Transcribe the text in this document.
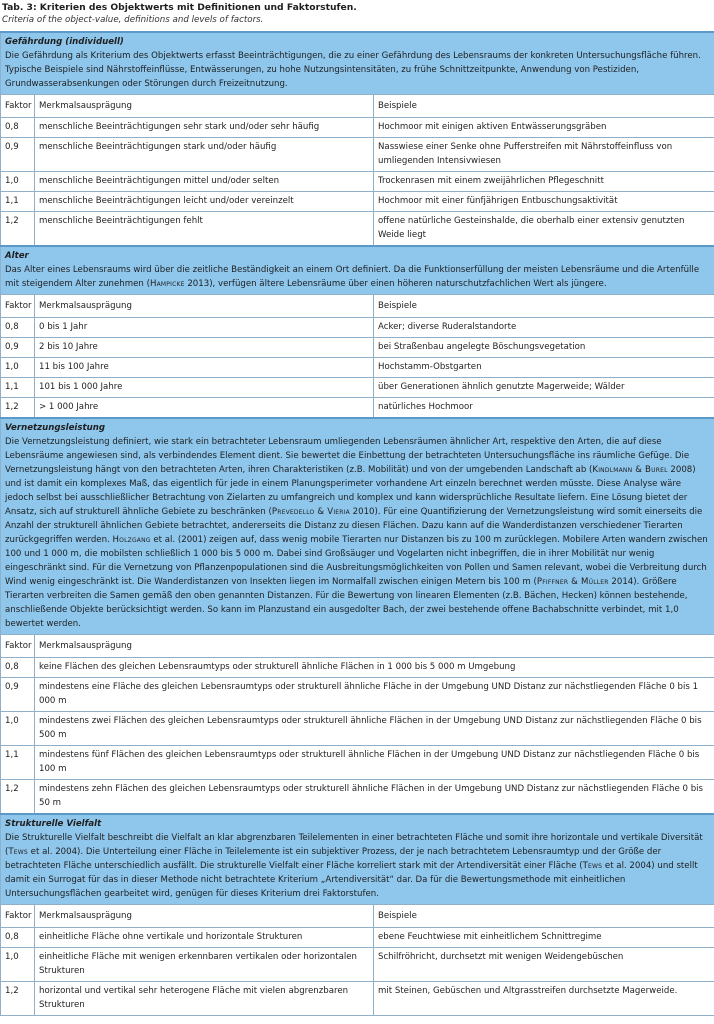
Tab. 3: Kriterien des Objektwerts mit Definitionen und Faktorstufen.
Criteria of the object-value, definitions and levels of factors.
Gefährdung (individuell)
Die Gefährdung als Kriterium des Objektwerts erfasst Beeinträchtigungen, die zu einer Gefährdung des Lebensraums der konkreten Untersuchungsfläche führen. Typische Beispiele sind Nährstoffeinflüsse, Entwässerungen, zu hohe Nutzungsintensitäten, zu frühe Schnittzeitpunkte, Anwendung von Pestiziden, Grundwasserabsenkungen oder Störungen durch Freizeitnutzung.		

Faktor	Merkmalsausprägung	Beispiele
0,8	menschliche Beeinträchtigungen sehr stark und/oder sehr häufig	Hochmoor mit einigen aktiven Entwässerungsgräben
0,9	menschliche Beeinträchtigungen stark und/oder häufig	Nasswiese einer Senke ohne Pufferstreifen mit Nährstoffeinfluss von umliegenden Intensivwiesen
1,0	menschliche Beeinträchtigungen mittel und/oder selten	Trockenrasen mit einem zweijährlichen Pflegeschnitt
1,1	menschliche Beeinträchtigungen leicht und/oder vereinzelt	Hochmoor mit einer fünfjährigen Entbuschungsaktivität
1,2	menschliche Beeinträchtigungen fehlt	offene natürliche Gesteinshalde, die oberhalb einer extensiv genutzten Weide liegt

Alter
Das Alter eines Lebensraums wird über die zeitliche Beständigkeit an einem Ort definiert. Da die Funktionserfüllung der meisten Lebensräume und die Artenfülle mit steigendem Alter zunehmen (Hampicke 2013), verfügen ältere Lebensräume über einen höheren naturschutzfachlichen Wert als jüngere.		

Faktor	Merkmalsausprägung	Beispiele
0,8	0 bis 1 Jahr	Acker; diverse Ruderalstandorte
0,9	2 bis 10 Jahre	bei Straßenbau angelegte Böschungsvegetation
1,0	11 bis 100 Jahre	Hochstamm-Obstgarten
1,1	101 bis 1 000 Jahre	über Generationen ähnlich genutzte Magerweide; Wälder
1,2	> 1 000 Jahre	natürliches Hochmoor

Vernetzungsleistung
Die Vernetzungsleistung definiert, wie stark ein betrachteter Lebensraum umliegenden Lebensräumen ähnlicher Art, respektive den Arten, die auf diese Lebensräume angewiesen sind, als verbindendes Element dient. Sie bewertet die Einbettung der betrachteten Untersuchungsfläche ins räumliche Gefüge. Die Vernetzungsleistung hängt von den betrachteten Arten, ihren Charakteristiken (z.B. Mobilität) und von der umgebenden Landschaft ab (Kindlmann & Burel 2008) und ist damit ein komplexes Maß, das eigentlich für jede in einem Planungsperimeter vorhandene Art einzeln berechnet werden müsste. Diese Analyse wäre jedoch selbst bei ausschließlicher Betrachtung von Zielarten zu umfangreich und komplex und kann widersprüchliche Resultate liefern. Eine Lösung bietet der Ansatz, sich auf strukturell ähnliche Gebiete zu beschränken (Prevedello & Vieria 2010). Für eine Quantifizierung der Vernetzungsleistung wird somit einerseits die Anzahl der strukturell ähnlichen Gebiete betrachtet, andererseits die Distanz zu diesen Flächen. Dazu kann auf die Wanderdistanzen verschiedener Tierarten zurückgegriffen werden. Holzgang et al. (2001) zeigen auf, dass wenig mobile Tierarten nur Distanzen bis zu 100 m zurücklegen. Mobilere Arten wandern zwischen 100 und 1 000 m, die mobilsten schließlich 1 000 bis 5 000 m. Dabei sind Großsäuger und Vogelarten nicht inbegriffen, die in ihrer Mobilität nur wenig eingeschränkt sind. Für die Vernetzung von Pflanzenpopulationen sind die Ausbreitungsmöglichkeiten von Pollen und Samen relevant, wobei die Verbreitung durch Wind wenig eingeschränkt ist. Die Wanderdistanzen von Insekten liegen im Normalfall zwischen einigen Metern bis 100 m (Pfiffner & Müller 2014). Größere Tierarten verbreiten die Samen gemäß den oben genannten Distanzen. Für die Bewertung von linearen Elementen (z.B. Bächen, Hecken) können bestehende, anschließende Objekte berücksichtigt werden. So kann im Planzustand ein ausgedolter Bach, der zwei bestehende offene Bachabschnitte verbindet, mit 1,0 bewertet werden.		

Faktor	Merkmalsausprägung	
0,8	keine Flächen des gleichen Lebensraumtyps oder strukturell ähnliche Flächen in 1 000 bis 5 000 m Umgebung	
0,9	mindestens eine Fläche des gleichen Lebensraumtyps oder strukturell ähnliche Fläche in der Umgebung UND Distanz zur nächstliegenden Fläche 0 bis 1 000 m	
1,0	mindestens zwei Flächen des gleichen Lebensraumtyps oder strukturell ähnliche Flächen in der Umgebung UND Distanz zur nächstliegenden Fläche 0 bis 500 m	
1,1	mindestens fünf Flächen des gleichen Lebensraumtyps oder strukturell ähnliche Flächen in der Umgebung UND Distanz zur nächstliegenden Fläche 0 bis 100 m	
1,2	mindestens zehn Flächen des gleichen Lebensraumtyps oder strukturell ähnliche Flächen in der Umgebung UND Distanz zur nächstliegenden Fläche 0 bis 50 m	

Strukturelle Vielfalt
Die Strukturelle Vielfalt beschreibt die Vielfalt an klar abgrenzbaren Teilelementen in einer betrachteten Fläche und somit ihre horizontale und vertikale Diversität (Tews et al. 2004). Die Unterteilung einer Fläche in Teilelemente ist ein subjektiver Prozess, der je nach betrachtetem Lebensraumtyp und der Größe der betrachteten Fläche unterschiedlich ausfällt. Die strukturelle Vielfalt einer Fläche korreliert stark mit der Artendiversität einer Fläche (Tews et al. 2004) und stellt damit ein Surrogat für das in dieser Methode nicht betrachtete Kriterium „Artendiversität“ dar. Da für die Bewertungsmethode mit einheitlichen Untersuchungsflächen gearbeitet wird, genügen für dieses Kriterium drei Faktorstufen.		

Faktor	Merkmalsausprägung	Beispiele
0,8	einheitliche Fläche ohne vertikale und horizontale Strukturen	ebene Feuchtwiese mit einheitlichem Schnittregime
1,0	einheitliche Fläche mit wenigen erkennbaren vertikalen oder horizontalen Strukturen	Schilfröhricht, durchsetzt mit wenigen Weidengebüschen
1,2	horizontal und vertikal sehr heterogene Fläche mit vielen abgrenzbaren Strukturen	mit Steinen, Gebüschen und Altgrasstreifen durchsetzte Magerweide.
